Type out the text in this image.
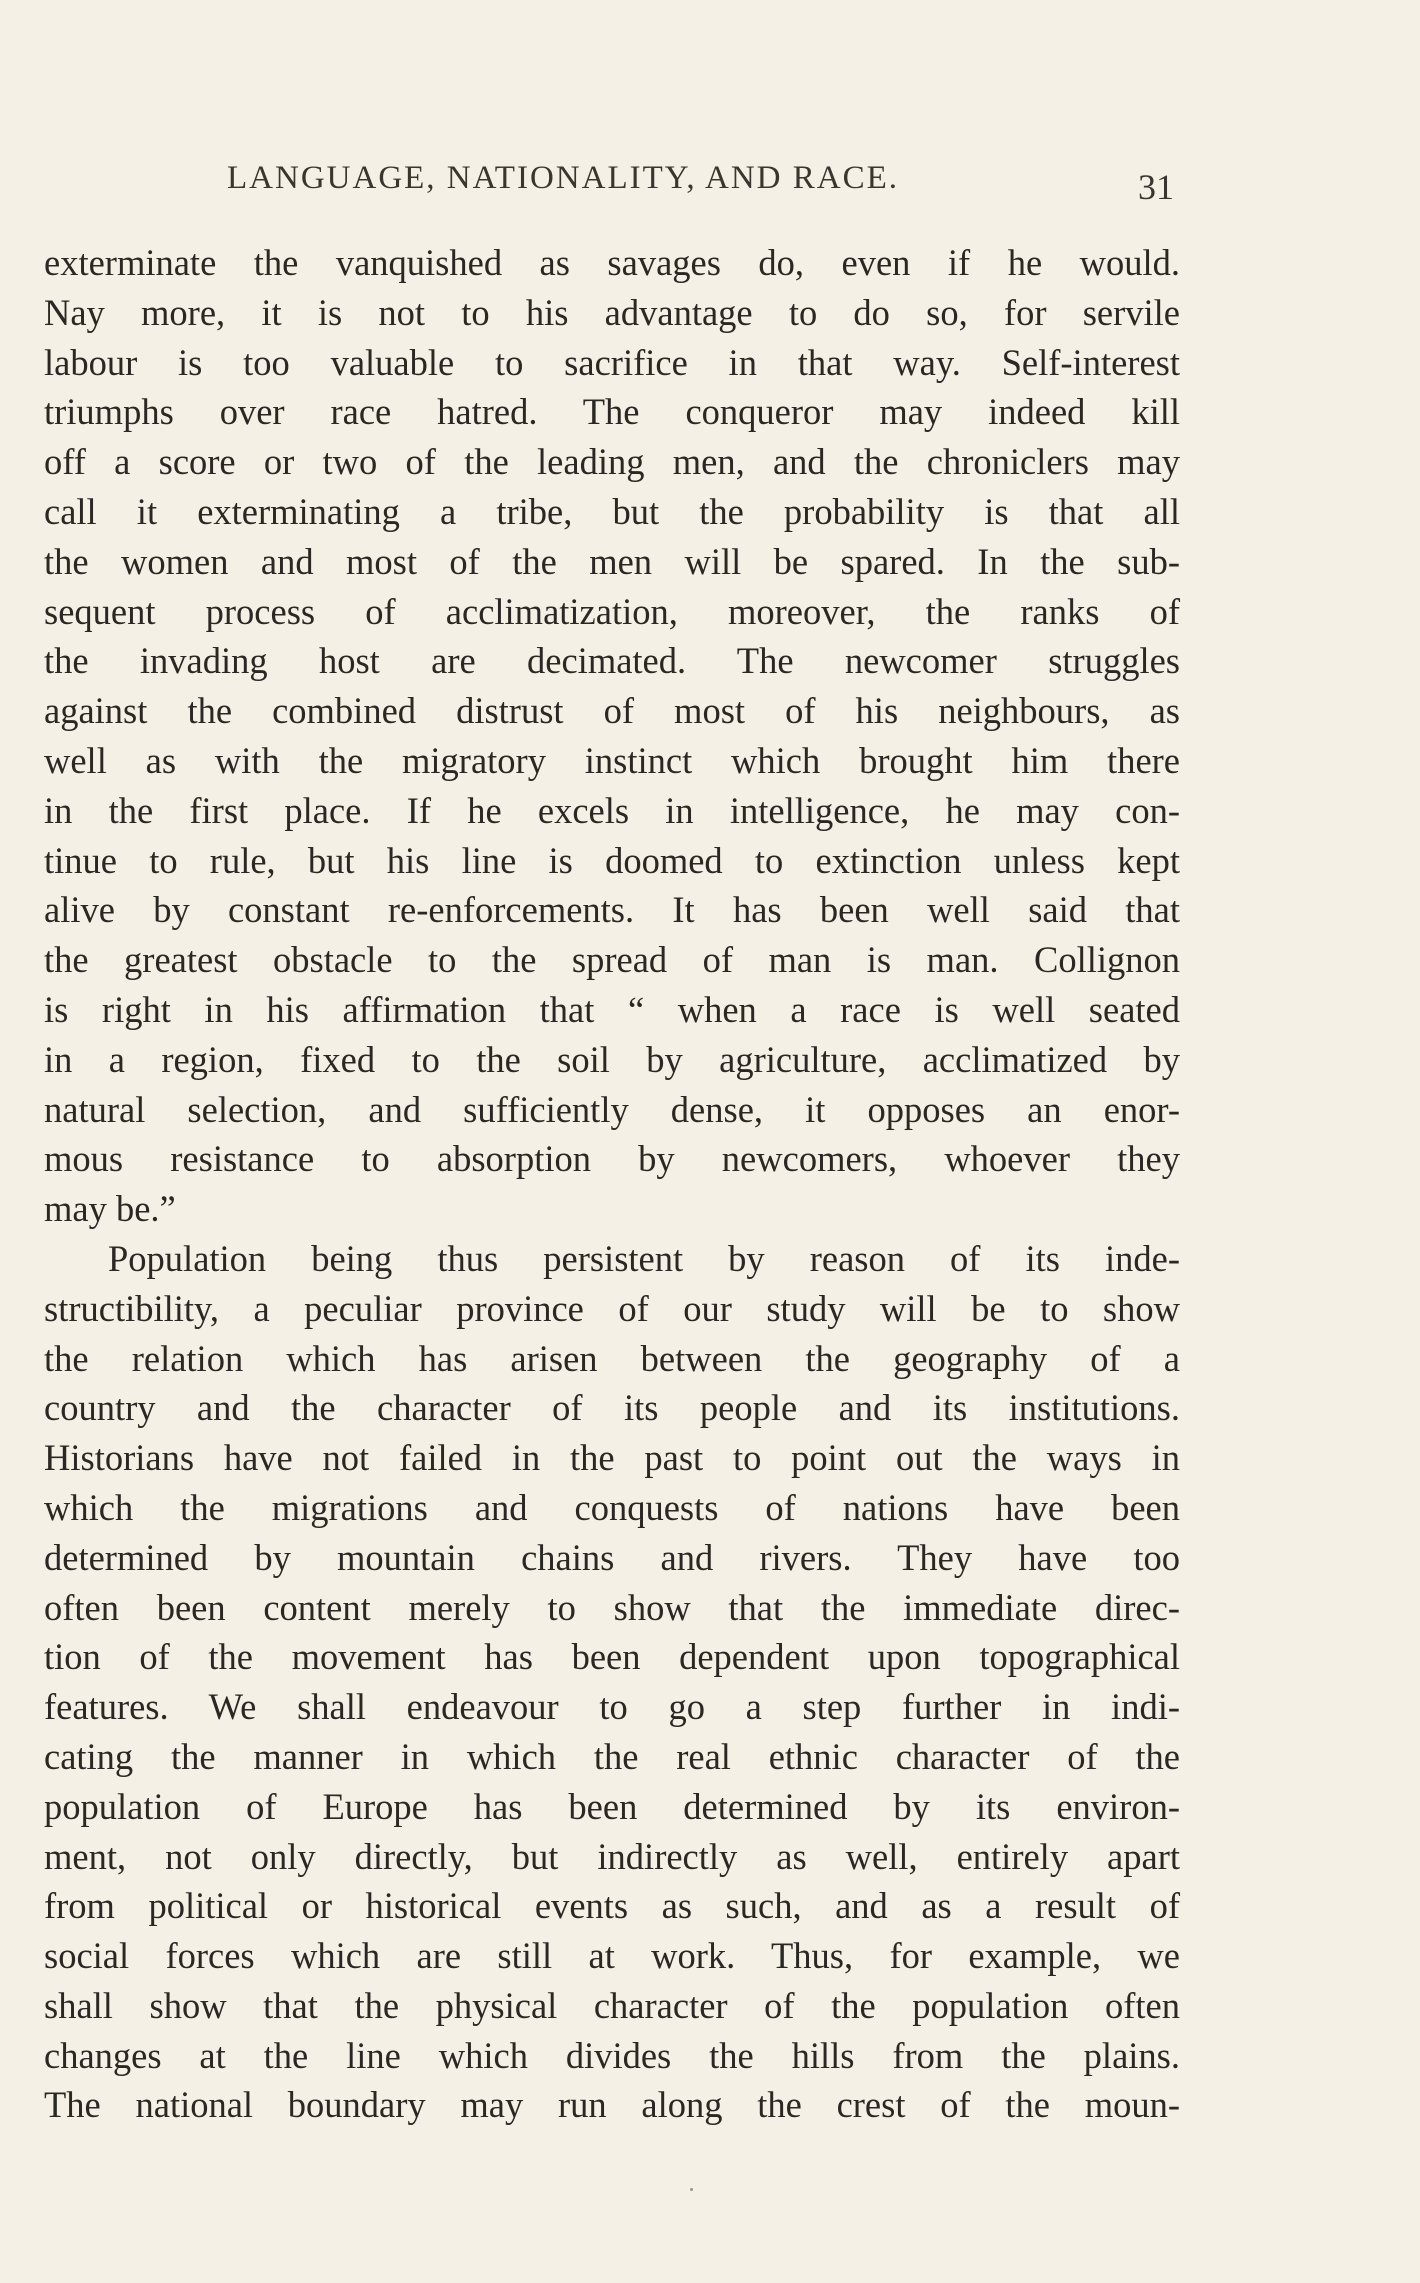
LANGUAGE, NATIONALITY, AND RACE.	31
exterminate the vanquished as savages do, even if he would.
Nay more, it is not to his advantage to do so, for servile
labour is too valuable to sacrifice in that way. Self-interest
triumphs over race hatred. The conqueror may indeed kill
off a score or two of the leading men, and the chroniclers may
call it exterminating a tribe, but the probability is that all
the women and most of the men will be spared. In the sub-
sequent process of acclimatization, moreover, the ranks of
the invading host are decimated. The newcomer struggles
against the combined distrust of most of his neighbours, as
well as with the migratory instinct which brought him there
in the first place. If he excels in intelligence, he may con-
tinue to rule, but his line is doomed to extinction unless kept
alive by constant re-enforcements. It has been well said that
the greatest obstacle to the spread of man is man. Collignon
is right in his affirmation that “ when a race is well seated
in a region, fixed to the soil by agriculture, acclimatized by
natural selection, and sufficiently dense, it opposes an enor-
mous resistance to absorption by newcomers, whoever they
may be.”
Population being thus persistent by reason of its inde-
structibility, a peculiar province of our study will be to show
the relation which has arisen between the geography of a
country and the character of its people and its institutions.
Historians have not failed in the past to point out the ways in
which the migrations and conquests of nations have been
determined by mountain chains and rivers. They have too
often been content merely to show that the immediate direc-
tion of the movement has been dependent upon topographical
features. We shall endeavour to go a step further in indi-
cating the manner in which the real ethnic character of the
population of Europe has been determined by its environ-
ment, not only directly, but indirectly as well, entirely apart
from political or historical events as such, and as a result of
social forces which are still at work. Thus, for example, we
shall show that the physical character of the population often
changes at the line which divides the hills from the plains.
The national boundary may run along the crest of the moun-
